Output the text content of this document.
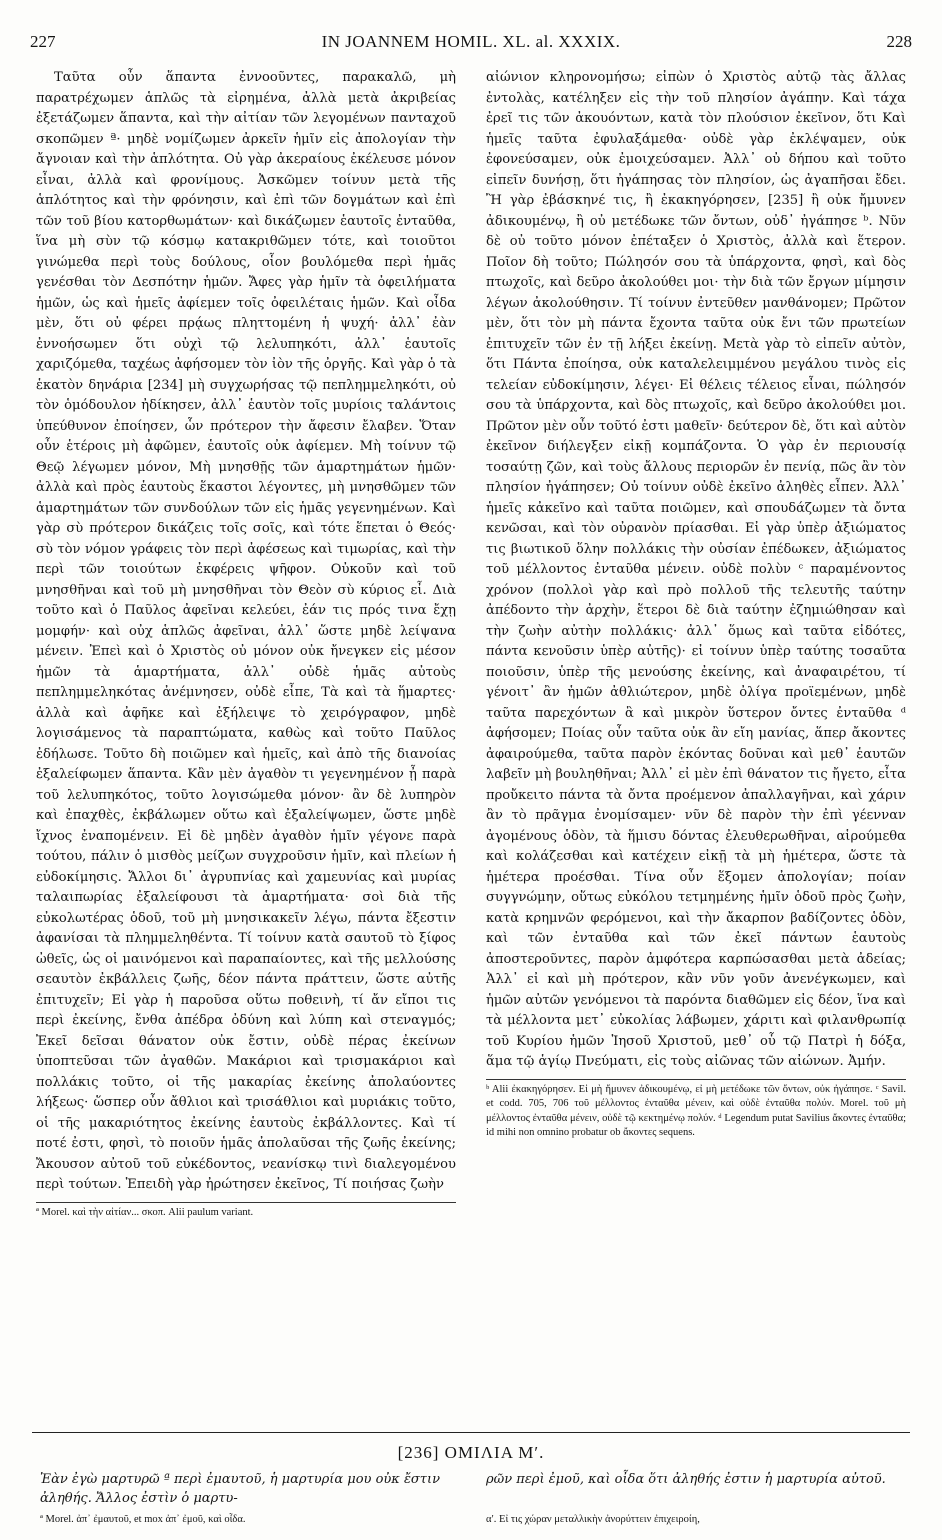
227	IN JOANNEM HOMIL. XL. al. XXXIX.	228

Ταῦτα οὖν ἅπαντα ἐννοοῦντες, παρακαλῶ, μὴ παρατρέχωμεν ἁπλῶς τὰ εἰρημένα, ἀλλὰ μετὰ ἀκριβείας ἐξετάζωμεν ἅπαντα, καὶ τὴν αἰτίαν τῶν λεγομένων πανταχοῦ σκοπῶμεν ª· μηδὲ νομίζωμεν ἀρκεῖν ἡμῖν εἰς ἀπολογίαν τὴν ἄγνοιαν καὶ τὴν ἁπλότητα. Οὐ γὰρ ἀκεραίους ἐκέλευσε μόνον εἶναι, ἀλλὰ καὶ φρονίμους. Ἀσκῶμεν τοίνυν μετὰ τῆς ἁπλότητος καὶ τὴν φρόνησιν, καὶ ἐπὶ τῶν δογμάτων καὶ ἐπὶ τῶν τοῦ βίου κατορθωμάτων· καὶ δικάζωμεν ἑαυτοῖς ἐνταῦθα, ἵνα μὴ σὺν τῷ κόσμῳ κατακριθῶμεν τότε, καὶ τοιοῦτοι γινώμεθα περὶ τοὺς δούλους, οἷον βουλόμεθα περὶ ἡμᾶς γενέσθαι τὸν Δεσπότην ἡμῶν. Ἄφες γὰρ ἡμῖν τὰ ὀφειλήματα ἡμῶν, ὡς καὶ ἡμεῖς ἀφίεμεν τοῖς ὀφειλέταις ἡμῶν. Καὶ οἶδα μὲν, ὅτι οὐ φέρει πρᾴως πληττομένη ἡ ψυχή· ἀλλ᾽ ἐὰν ἐννοήσωμεν ὅτι οὐχὶ τῷ λελυπηκότι, ἀλλ᾽ ἑαυτοῖς χαριζόμεθα, ταχέως ἀφήσομεν τὸν ἰὸν τῆς ὀργῆς. Καὶ γὰρ ὁ τὰ ἑκατὸν δηνάρια [234] μὴ συγχωρήσας τῷ πεπλημμεληκότι, οὐ τὸν ὁμόδουλον ἠδίκησεν, ἀλλ᾽ ἑαυτὸν τοῖς μυρίοις ταλάντοις ὑπεύθυνον ἐποίησεν, ὧν πρότερον τὴν ἄφεσιν ἔλαβεν. Ὅταν οὖν ἑτέροις μὴ ἀφῶμεν, ἑαυτοῖς οὐκ ἀφίεμεν. Μὴ τοίνυν τῷ Θεῷ λέγωμεν μόνον, Μὴ μνησθῇς τῶν ἁμαρτημάτων ἡμῶν· ἀλλὰ καὶ πρὸς ἑαυτοὺς ἕκαστοι λέγοντες, μὴ μνησθῶμεν τῶν ἁμαρτημάτων τῶν συνδούλων τῶν εἰς ἡμᾶς γεγενημένων. Καὶ γὰρ σὺ πρότερον δικάζεις τοῖς σοῖς, καὶ τότε ἕπεται ὁ Θεός· σὺ τὸν νόμον γράφεις τὸν περὶ ἀφέσεως καὶ τιμωρίας, καὶ τὴν περὶ τῶν τοιούτων ἐκφέρεις ψῆφον. Οὐκοῦν καὶ τοῦ μνησθῆναι καὶ τοῦ μὴ μνησθῆναι τὸν Θεὸν σὺ κύριος εἶ. Διὰ τοῦτο καὶ ὁ Παῦλος ἀφεῖναι κελεύει, ἐάν τις πρός τινα ἔχῃ μομφήν· καὶ οὐχ ἁπλῶς ἀφεῖναι, ἀλλ᾽ ὥστε μηδὲ λείψανα μένειν. Ἐπεὶ καὶ ὁ Χριστὸς οὐ μόνον οὐκ ἤνεγκεν εἰς μέσον ἡμῶν τὰ ἁμαρτήματα, ἀλλ᾽ οὐδὲ ἡμᾶς αὐτοὺς πεπλημμεληκότας ἀνέμνησεν, οὐδὲ εἶπε, Τὰ καὶ τὰ ἥμαρτες· ἀλλὰ καὶ ἀφῆκε καὶ ἐξήλειψε τὸ χειρόγραφον, μηδὲ λογισάμενος τὰ παραπτώματα, καθὼς καὶ τοῦτο Παῦλος ἐδήλωσε. Τοῦτο δὴ ποιῶμεν καὶ ἡμεῖς, καὶ ἀπὸ τῆς διανοίας ἐξαλείφωμεν ἅπαντα. Κἂν μὲν ἀγαθὸν τι γεγενημένον ᾖ παρὰ τοῦ λελυπηκότος, τοῦτο λογισώμεθα μόνον· ἂν δὲ λυπηρὸν καὶ ἐπαχθὲς, ἐκβάλωμεν οὕτω καὶ ἐξαλείψωμεν, ὥστε μηδὲ ἴχνος ἐναπομένειν. Εἰ δὲ μηδὲν ἀγαθὸν ἡμῖν γέγονε παρὰ τούτου, πάλιν ὁ μισθὸς μείζων συγχροῦσιν ἡμῖν, καὶ πλείων ἡ εὐδοκίμησις. Ἄλλοι δι᾽ ἀγρυπνίας καὶ χαμευνίας καὶ μυρίας ταλαιπωρίας ἐξαλείφουσι τὰ ἁμαρτήματα· σοὶ διὰ τῆς εὐκολωτέρας ὁδοῦ, τοῦ μὴ μνησικακεῖν λέγω, πάντα ἔξεστιν ἀφανίσαι τὰ πλημμεληθέντα. Τί τοίνυν κατὰ σαυτοῦ τὸ ξίφος ὠθεῖς, ὡς οἱ μαινόμενοι καὶ παραπαίοντες, καὶ τῆς μελλούσης σεαυτὸν ἐκβάλλεις ζωῆς, δέον πάντα πράττειν, ὥστε αὐτῆς ἐπιτυχεῖν; Εἰ γὰρ ἡ παροῦσα οὕτω ποθεινὴ, τί ἄν εἴποι τις περὶ ἐκείνης, ἔνθα ἀπέδρα ὀδύνη καὶ λύπη καὶ στεναγμός; Ἐκεῖ δεῖσαι θάνατον οὐκ ἔστιν, οὐδὲ πέρας ἐκείνων ὑποπτεῦσαι τῶν ἀγαθῶν. Μακάριοι καὶ τρισμακάριοι καὶ πολλάκις τοῦτο, οἱ τῆς μακαρίας ἐκείνης ἀπολαύοντες λήξεως· ὥσπερ οὖν ἄθλιοι καὶ τρισάθλιοι καὶ μυριάκις τοῦτο, οἱ τῆς μακαριότητος ἐκείνης ἑαυτοὺς ἐκβάλλοντες. Καὶ τί ποτέ ἐστι, φησὶ, τὸ ποιοῦν ἡμᾶς ἀπολαῦσαι τῆς ζωῆς ἐκείνης; Ἄκουσον αὐτοῦ τοῦ εὐκέδοντος, νεανίσκῳ τινὶ διαλεγομένου περὶ τούτων. Ἐπειδὴ γὰρ ἠρώτησεν ἐκεῖνος, Τί ποιήσας ζωὴν

ª Morel. καὶ τὴν αἰτίαν... σκοπ. Alii paulum variant.

αἰώνιον κληρονομήσω; εἰπὼν ὁ Χριστὸς αὐτῷ τὰς ἄλλας ἐντολὰς, κατέληξεν εἰς τὴν τοῦ πλησίον ἀγάπην. Καὶ τάχα ἐρεῖ τις τῶν ἀκουόντων, κατὰ τὸν πλούσιον ἐκεῖνον, ὅτι Καὶ ἡμεῖς ταῦτα ἐφυλαξάμεθα· οὐδὲ γὰρ ἐκλέψαμεν, οὐκ ἐφονεύσαμεν, οὐκ ἐμοιχεύσαμεν. Ἀλλ᾽ οὐ δήπου καὶ τοῦτο εἰπεῖν δυνήσῃ, ὅτι ἠγάπησας τὸν πλησίον, ὡς ἀγαπῆσαι ἔδει. Ἢ γὰρ ἐβάσκηνέ τις, ἢ ἐκακηγόρησεν, [235] ἢ οὐκ ἤμυνεν ἀδικουμένῳ, ἢ οὐ μετέδωκε τῶν ὄντων, οὐδ᾽ ἠγάπησε ᵇ. Νῦν δὲ οὐ τοῦτο μόνον ἐπέταξεν ὁ Χριστὸς, ἀλλὰ καὶ ἕτερον. Ποῖον δὴ τοῦτο; Πώλησόν σου τὰ ὑπάρχοντα, φησὶ, καὶ δὸς πτωχοῖς, καὶ δεῦρο ἀκολούθει μοι· τὴν διὰ τῶν ἔργων μίμησιν λέγων ἀκολούθησιν. Τί τοίνυν ἐντεῦθεν μανθάνομεν; Πρῶτον μὲν, ὅτι τὸν μὴ πάντα ἔχοντα ταῦτα οὐκ ἔνι τῶν πρωτείων ἐπιτυχεῖν τῶν ἐν τῇ λήξει ἐκείνῃ. Μετὰ γὰρ τὸ εἰπεῖν αὐτὸν, ὅτι Πάντα ἐποίησα, οὐκ καταλελειμμένου μεγάλου τινὸς εἰς τελείαν εὐδοκίμησιν, λέγει· Εἰ θέλεις τέλειος εἶναι, πώλησόν σου τὰ ὑπάρχοντα, καὶ δὸς πτωχοῖς, καὶ δεῦρο ἀκολούθει μοι. Πρῶτον μὲν οὖν τοῦτό ἐστι μαθεῖν· δεύτερον δὲ, ὅτι καὶ αὐτὸν ἐκεῖνον διήλεγξεν εἰκῇ κομπάζοντα. Ὁ γὰρ ἐν περιουσίᾳ τοσαύτῃ ζῶν, καὶ τοὺς ἄλλους περιορῶν ἐν πενίᾳ, πῶς ἂν τὸν πλησίον ἠγάπησεν; Οὐ τοίνυν οὐδὲ ἐκεῖνο ἀληθὲς εἶπεν. Ἀλλ᾽ ἡμεῖς κἀκεῖνο καὶ ταῦτα ποιῶμεν, καὶ σπουδάζωμεν τὰ ὄντα κενῶσαι, καὶ τὸν οὐρανὸν πρίασθαι. Εἰ γὰρ ὑπὲρ ἀξιώματος τις βιωτικοῦ ὅλην πολλάκις τὴν οὐσίαν ἐπέδωκεν, ἀξιώματος τοῦ μέλλοντος ἐνταῦθα μένειν. οὐδὲ πολὺν ᶜ παραμένοντος χρόνον (πολλοὶ γὰρ καὶ πρὸ πολλοῦ τῆς τελευτῆς ταύτην ἀπέδοντο τὴν ἀρχὴν, ἕτεροι δὲ διὰ ταύτην ἐζημιώθησαν καὶ τὴν ζωὴν αὐτὴν πολλάκις· ἀλλ᾽ ὅμως καὶ ταῦτα εἰδότες, πάντα κενοῦσιν ὑπὲρ αὐτῆς)· εἰ τοίνυν ὑπὲρ ταύτης τοσαῦτα ποιοῦσιν, ὑπὲρ τῆς μενούσης ἐκείνης, καὶ ἀναφαιρέτου, τί γένοιτ᾽ ἂν ἡμῶν ἀθλιώτερον, μηδὲ ὀλίγα προϊεμένων, μηδὲ ταῦτα παρεχόντων ἃ καὶ μικρὸν ὕστερον ὄντες ἐνταῦθα ᵈ ἀφήσομεν; Ποίας οὖν ταῦτα οὐκ ἂν εἴη μανίας, ἅπερ ἄκοντες ἀφαιρούμεθα, ταῦτα παρὸν ἑκόντας δοῦναι καὶ μεθ᾽ ἑαυτῶν λαβεῖν μὴ βουληθῆναι; Ἀλλ᾽ εἰ μὲν ἐπὶ θάνατον τις ἤγετο, εἶτα προὔκειτο πάντα τὰ ὄντα προέμενον ἀπαλλαγῆναι, καὶ χάριν ἂν τὸ πρᾶγμα ἐνομίσαμεν· νῦν δὲ παρὸν τὴν ἐπὶ γέενναν ἀγομένους ὁδὸν, τὰ ἥμισυ δόντας ἐλευθερωθῆναι, αἱρούμεθα καὶ κολάζεσθαι καὶ κατέχειν εἰκῇ τὰ μὴ ἡμέτερα, ὥστε τὰ ἡμέτερα προέσθαι. Τίνα οὖν ἕξομεν ἀπολογίαν; ποίαν συγγνώμην, οὕτως εὐκόλου τετμημένης ἡμῖν ὁδοῦ πρὸς ζωὴν, κατὰ κρημνῶν φερόμενοι, καὶ τὴν ἄκαρπον βαδίζοντες ὁδὸν, καὶ τῶν ἐνταῦθα καὶ τῶν ἐκεῖ πάντων ἑαυτοὺς ἀποστεροῦντες, παρὸν ἀμφότερα καρπώσασθαι μετὰ ἀδείας; Ἀλλ᾽ εἰ καὶ μὴ πρότερον, κἂν νῦν γοῦν ἀνενέγκωμεν, καὶ ἡμῶν αὐτῶν γενόμενοι τὰ παρόντα διαθῶμεν εἰς δέον, ἵνα καὶ τὰ μέλλοντα μετ᾽ εὐκολίας λάβωμεν, χάριτι καὶ φιλανθρωπίᾳ τοῦ Κυρίου ἡμῶν Ἰησοῦ Χριστοῦ, μεθ᾽ οὗ τῷ Πατρὶ ἡ δόξα, ἅμα τῷ ἁγίῳ Πνεύματι, εἰς τοὺς αἰῶνας τῶν αἰώνων. Ἀμήν.

ᵇ Alii ἐκακηγόρησεν. Εἰ μὴ ἤμυνεν ἀδικουμένῳ, εἰ μὴ μετέδωκε τῶν ὄντων, οὐκ ἠγάπησε. ᶜ Savil. et codd. 705, 706 τοῦ μέλλοντος ἐνταῦθα μένειν, καὶ οὐδὲ ἐνταῦθα πολύν. Morel. τοῦ μὴ μέλλοντος ἐνταῦθα μένειν, οὐδὲ τῷ κεκτημένῳ πολύν. ᵈ Legendum putat Savilius ἄκοντες ἐνταῦθα; id mihi non omnino probatur ob ἄκοντες sequens.
[236] ΟΜΙΛΙΑ Μʹ.
Ἐὰν ἐγὼ μαρτυρῶ ª περὶ ἐμαυτοῦ, ἡ μαρτυρία μου οὐκ ἔστιν ἀληθής. Ἄλλος ἐστὶν ὁ μαρτυ-
ρῶν περὶ ἐμοῦ, καὶ οἶδα ὅτι ἀληθής ἐστιν ἡ μαρτυρία αὐτοῦ.
ª Morel. ἀπ᾽ ἐμαυτοῦ, et mox ἀπ᾽ ἐμοῦ, καὶ οἶδα.	αʹ. Εἰ τις χώραν μεταλλικὴν ἀνορύττειν ἐπιχειροίη,
